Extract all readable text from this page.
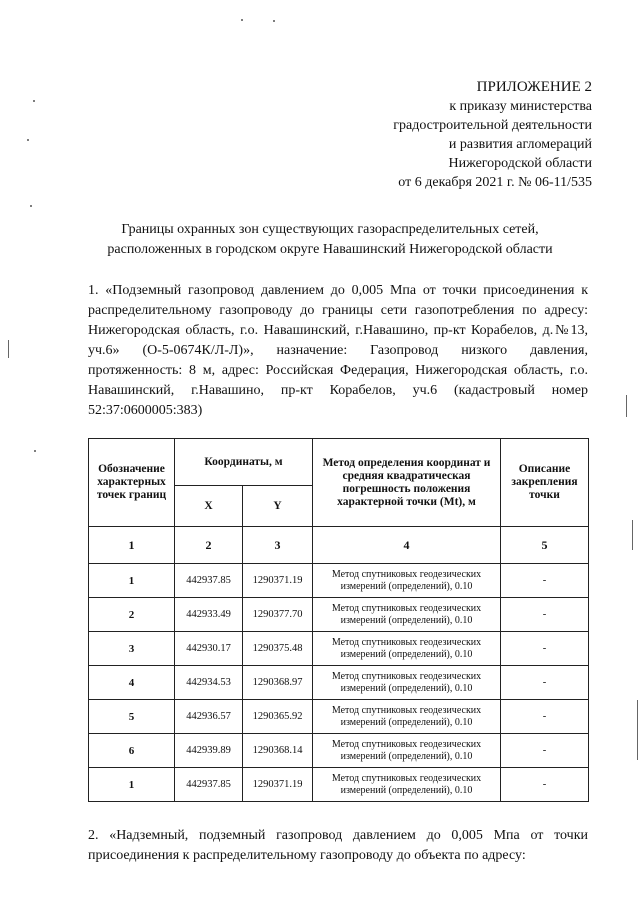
ПРИЛОЖЕНИЕ 2
к приказу министерства
градостроительной деятельности
и развития агломераций
Нижегородской области
от 6 декабря 2021 г. № 06-11/535
Границы охранных зон существующих газораспределительных сетей,
расположенных в городском округе Навашинский Нижегородской области
1. «Подземный газопровод давлением до 0,005 Мпа от точки присоединения к распределительному газопроводу до границы сети газопотребления по адресу: Нижегородская область, г.о. Навашинский, г.Навашино, пр-кт Корабелов, д.№13, уч.6» (О-5-0674К/Л-Л)», назначение: Газопровод низкого давления, протяженность: 8 м, адрес: Российская Федерация, Нижегородская область, г.о. Навашинский, г.Навашино, пр-кт Корабелов, уч.6 (кадастровый номер 52:37:0600005:383)
Обозначение характерных точек границ	Координаты, м		Метод определения координат и средняя квадратическая погрешность положения характерной точки (Mt), м	Описание закрепления точки
	X	Y		
1	2	3	4	5
1	442937.85	1290371.19	Метод спутниковых геодезических измерений (определений), 0.10	-
2	442933.49	1290377.70	Метод спутниковых геодезических измерений (определений), 0.10	-
3	442930.17	1290375.48	Метод спутниковых геодезических измерений (определений), 0.10	-
4	442934.53	1290368.97	Метод спутниковых геодезических измерений (определений), 0.10	-
5	442936.57	1290365.92	Метод спутниковых геодезических измерений (определений), 0.10	-
6	442939.89	1290368.14	Метод спутниковых геодезических измерений (определений), 0.10	-
1	442937.85	1290371.19	Метод спутниковых геодезических измерений (определений), 0.10	-
2. «Надземный, подземный газопровод давлением до 0,005 Мпа от точки присоединения к распределительному газопроводу до объекта по адресу:
